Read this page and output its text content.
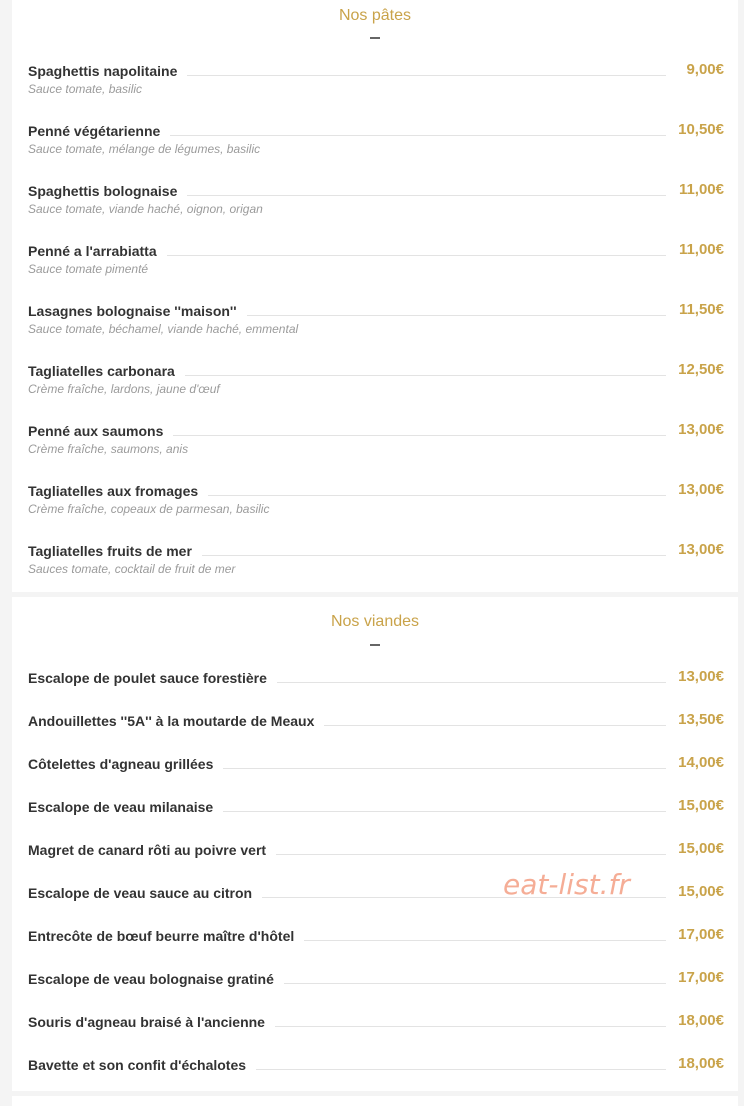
Nos pâtes
Spaghettis napolitaine	9,00€
Sauce tomate, basilic
Penné végétarienne	10,50€
Sauce tomate, mélange de légumes, basilic
Spaghettis bolognaise	11,00€
Sauce tomate, viande haché, oignon, origan
Penné a l'arrabiatta	11,00€
Sauce tomate pimenté
Lasagnes bolognaise ''maison''	11,50€
Sauce tomate, béchamel, viande haché, emmental
Tagliatelles carbonara	12,50€
Crème fraîche, lardons, jaune d'œuf
Penné aux saumons	13,00€
Crème fraîche, saumons, anis
Tagliatelles aux fromages	13,00€
Crème fraîche, copeaux de parmesan, basilic
Tagliatelles fruits de mer	13,00€
Sauces tomate, cocktail de fruit de mer
Nos viandes
Escalope de poulet sauce forestière	13,00€
Andouillettes ''5A'' à la moutarde de Meaux	13,50€
Côtelettes d'agneau grillées	14,00€
Escalope de veau milanaise	15,00€
Magret de canard rôti au poivre vert	15,00€
Escalope de veau sauce au citron	15,00€
Entrecôte de bœuf beurre maître d'hôtel	17,00€
Escalope de veau bolognaise gratiné	17,00€
Souris d'agneau braisé à l'ancienne	18,00€
Bavette et son confit d'échalotes	18,00€
eat-list.fr
